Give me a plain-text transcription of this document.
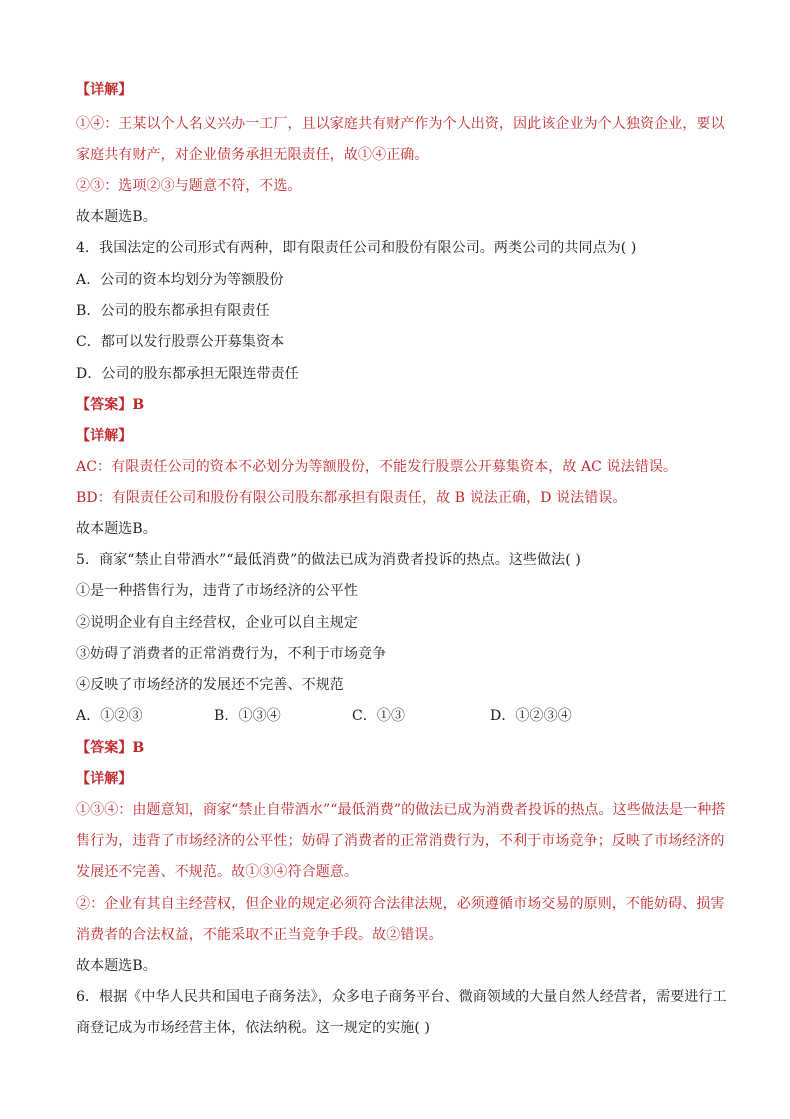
【详解】
①④：王某以个人名义兴办一工厂，且以家庭共有财产作为个人出资，因此该企业为个人独资企业，要以
家庭共有财产，对企业债务承担无限责任，故①④正确。
②③：选项②③与题意不符，不选。
故本题选B。
4．我国法定的公司形式有两种，即有限责任公司和股份有限公司。两类公司的共同点为( )
A．公司的资本均划分为等额股份
B．公司的股东都承担有限责任
C．都可以发行股票公开募集资本
D．公司的股东都承担无限连带责任
【答案】B
【详解】
AC：有限责任公司的资本不必划分为等额股份，不能发行股票公开募集资本，故 AC 说法错误。
BD：有限责任公司和股份有限公司股东都承担有限责任，故 B 说法正确，D 说法错误。
故本题选B。
5．商家“禁止自带酒水”“最低消费”的做法已成为消费者投诉的热点。这些做法( )
①是一种搭售行为，违背了市场经济的公平性
②说明企业有自主经营权，企业可以自主规定
③妨碍了消费者的正常消费行为，不利于市场竞争
④反映了市场经济的发展还不完善、不规范
A．①②③	B．①③④	C．①③	D．①②③④
【答案】B
【详解】
①③④：由题意知，商家“禁止自带酒水”“最低消费”的做法已成为消费者投诉的热点。这些做法是一种搭
售行为，违背了市场经济的公平性；妨碍了消费者的正常消费行为，不利于市场竞争；反映了市场经济的
发展还不完善、不规范。故①③④符合题意。
②：企业有其自主经营权，但企业的规定必须符合法律法规，必须遵循市场交易的原则，不能妨碍、损害
消费者的合法权益，不能采取不正当竞争手段。故②错误。
故本题选B。
6．根据《中华人民共和国电子商务法》，众多电子商务平台、微商领域的大量自然人经营者，需要进行工
商登记成为市场经营主体，依法纳税。这一规定的实施( )
